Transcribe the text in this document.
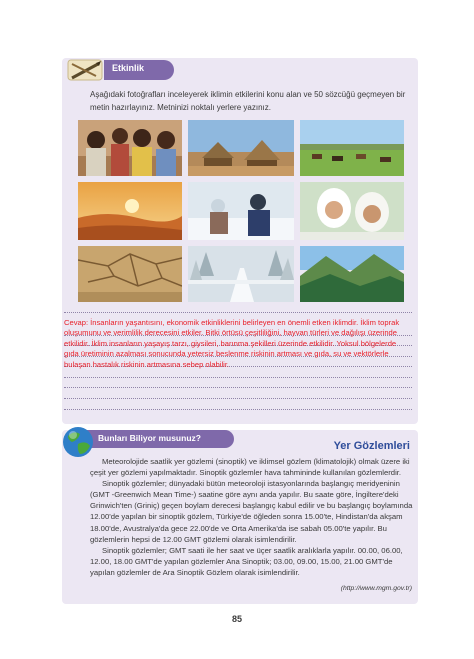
Etkinlik
Aşağıdaki fotoğrafları inceleyerek iklimin etkilerini konu alan ve 50 sözcüğü geçmeyen bir metin hazırlayınız. Metninizi noktalı yerlere yazınız.
Cevap: İnsanların yaşantısını, ekonomik etkinliklerini belirleyen en önemli etken iklimdir. İklim toprak oluşumunu ve verimlilik derecesini etkiler. Bitki örtüsü çeşitliliğini, hayvan türleri ve dağılışı üzerinde etkilidir. İklim insanların yaşayış tarzı, giysileri, barınma şekilleri üzerinde etkilidir. Yoksul bölgelerde gıda üretiminin azalması sonucunda yetersiz beslenme riskinin artması ve gıda, su ve vektörlerle bulaşan hastalık riskinin artmasına sebep olabilir.
Bunları Biliyor musunuz?
Yer Gözlemleri

Meteorolojide saatlik yer gözlemi (sinoptik) ve iklimsel gözlem (klimatolojik) olmak üzere iki çeşit yer gözlemi yapılmaktadır. Sinoptik gözlemler hava tahmininde kullanılan gözlemlerdir.

Sinoptik gözlemler; dünyadaki bütün meteoroloji istasyonlarında başlangıç meridyeninin (GMT -Greenwich Mean Time-) saatine göre aynı anda yapılır. Bu saate göre, İngiltere'deki Grinwich'ten (Griniç) geçen boylam derecesi başlangıç kabul edilir ve bu başlangıç boylamında 12.00'de yapılan bir sinoptik gözlem, Türkiye'de öğleden sonra 15.00'te, Hindistan'da akşam 18.00'de, Avustralya'da gece 22.00'de ve Orta Amerika'da ise sabah 05.00'te yapılır. Bu gözlemlerin hepsi de 12.00 GMT gözlemi olarak isimlendirilir.

Sinoptik gözlemler; GMT saati ile her saat ve üçer saatlik aralıklarla yapılır. 00.00, 06.00, 12.00, 18.00 GMT'de yapılan gözlemler Ana Sinoptik; 03.00, 09.00, 15.00, 21.00 GMT'de yapılan gözlemler de Ara Sinoptik Gözlem olarak isimlendirilir.

(http://www.mgm.gov.tr)
85
